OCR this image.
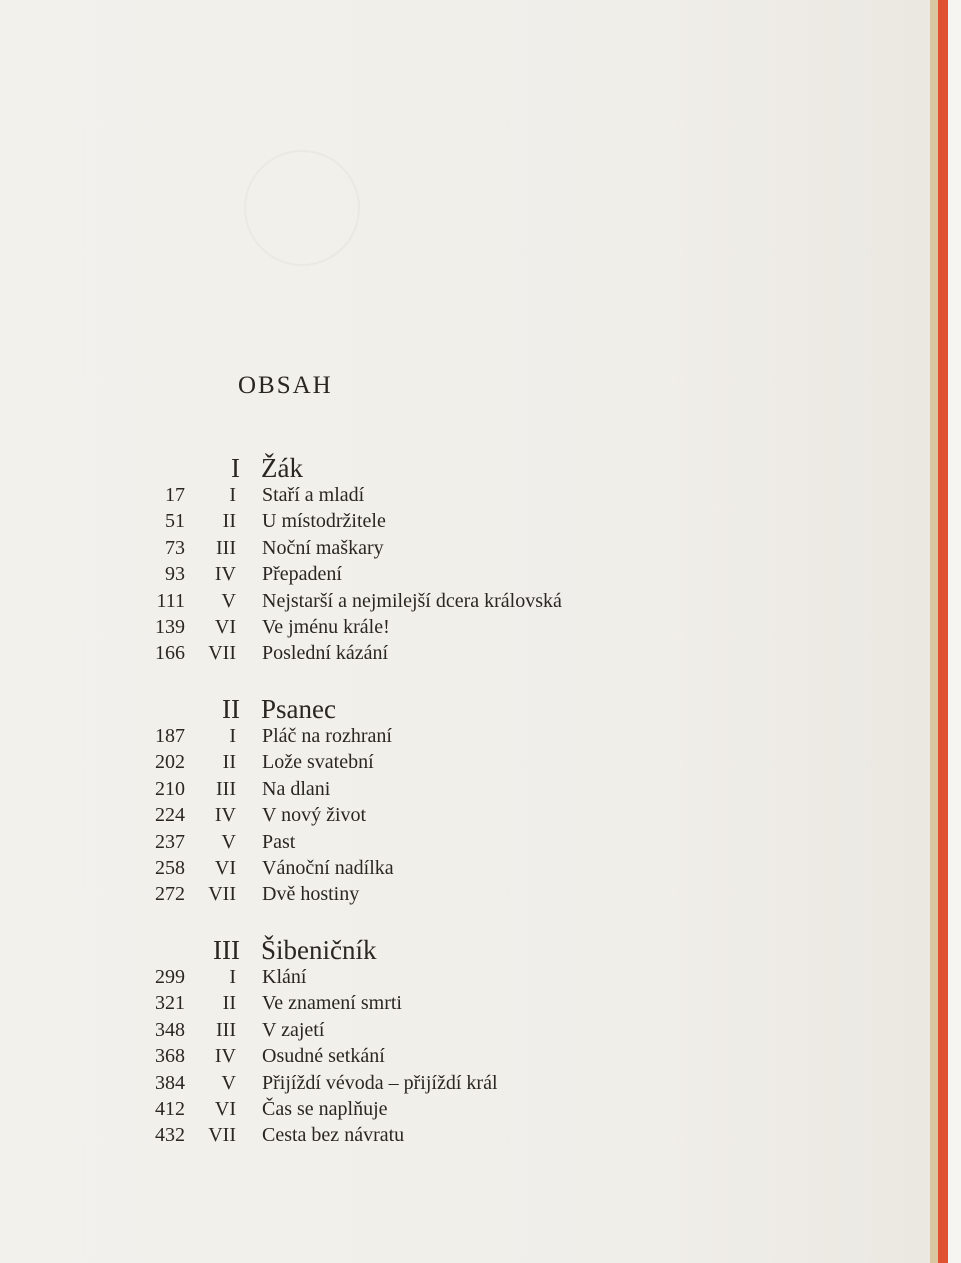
OBSAH
I Žák
17 I Staří a mladí
51 II U místodržitele
73 III Noční maškary
93 IV Přepadení
111 V Nejstarší a nejmilejší dcera královská
139 VI Ve jménu krále!
166 VII Poslední kázání
II Psanec
187 I Pláč na rozhraní
202 II Lože svatební
210 III Na dlani
224 IV V nový život
237 V Past
258 VI Vánoční nadílka
272 VII Dvě hostiny
III Šibeničník
299 I Klání
321 II Ve znamení smrti
348 III V zajetí
368 IV Osudné setkání
384 V Přijíždí vévoda – přijíždí král
412 VI Čas se naplňuje
432 VII Cesta bez návratu
